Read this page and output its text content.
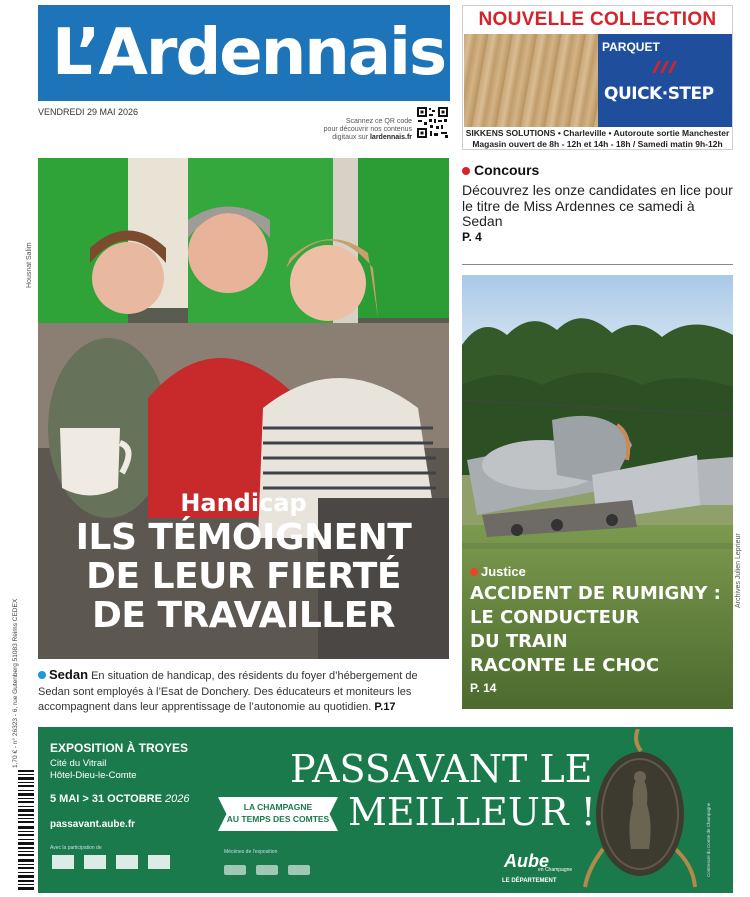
L’Ardennais
VENDREDI 29 MAI 2026
Scannez ce QR code
pour découvrir nos contenus
digitaux sur lardennais.fr
NOUVELLE COLLECTION
PARQUET
QUICK·STEP
SIKKENS SOLUTIONS • Charleville • Autoroute sortie Manchester
Magasin ouvert de 8h - 12h et 14h - 18h / Samedi matin 9h-12h
Housnat Salim
Handicap
ILS TÉMOIGNENT
DE LEUR FIERTÉ
DE TRAVAILLER
Sedan En situation de handicap, des résidents du foyer d’hébergement de Sedan sont employés à l’Esat de Donchery. Des éducateurs et moniteurs les accompagnent dans leur apprentissage de l’autonomie au quotidien. P.17
Concours
Découvrez les onze candidates en lice pour le titre de Miss Ardennes ce samedi à Sedan
P. 4
Justice
ACCIDENT DE RUMIGNY :
LE CONDUCTEUR
DU TRAIN
RACONTE LE CHOC
P. 14
Archives Julien Leprieur
1,70 € - n° 26323 - 6, rue Gutenberg 51083 Reims CEDEX	EXPOSITION À TROYES
Cité du Vitrail
Hôtel-Dieu-le-Comte
5 MAI > 31 OCTOBRE 2026
passavant.aube.fr
Avec la participation de
PASSAVANT LE
LA CHAMPAGNE
AU TEMPS DES COMTES MEILLEUR !
Mécènes de l’exposition	Aube
en Champagne
LE DÉPARTEMENT
Contrescel du Comte de Champagne
